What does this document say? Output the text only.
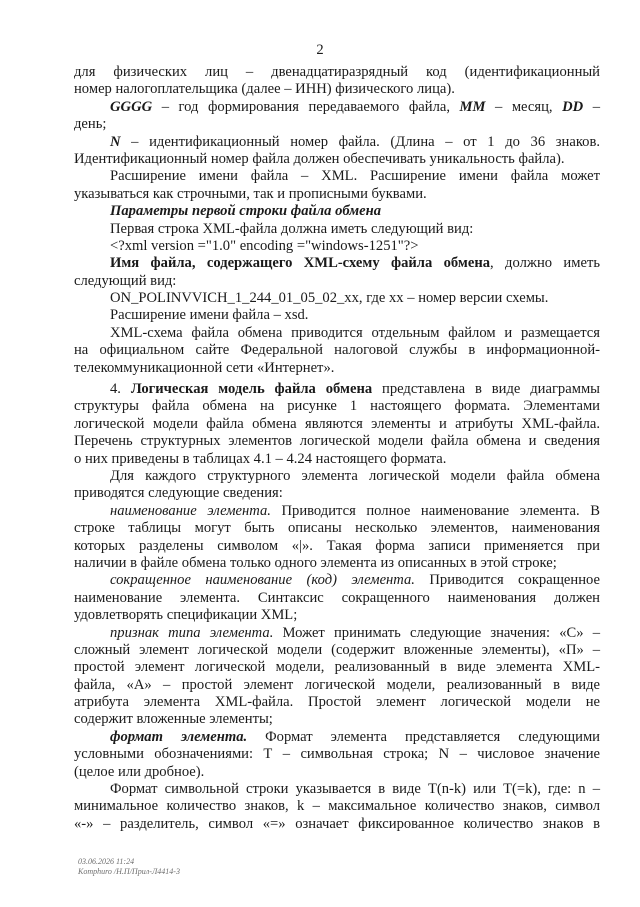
2
для физических лиц – двенадцатиразрядный код (идентификационный
номер налогоплательщика (далее – ИНН) физического лица).
GGGG – год формирования передаваемого файла, MM – месяц, DD –
день;
N – идентификационный номер файла. (Длина – от 1 до 36 знаков.
Идентификационный номер файла должен обеспечивать уникальность файла).
Расширение имени файла – XML. Расширение имени файла может
указываться как строчными, так и прописными буквами.
Параметры первой строки файла обмена
Первая строка XML-файла должна иметь следующий вид:
<?xml version ="1.0" encoding ="windows-1251"?>
Имя файла, содержащего XML-схему файла обмена, должно иметь
следующий вид:
ON_POLINVVICH_1_244_01_05_02_xx, где xx – номер версии схемы.
Расширение имени файла – xsd.
XML-схема файла обмена приводится отдельным файлом и размещается
на официальном сайте Федеральной налоговой службы в информационной-
телекоммуникационной сети «Интернет».
4. Логическая модель файла обмена представлена в виде диаграммы
структуры файла обмена на рисунке 1 настоящего формата. Элементами
логической модели файла обмена являются элементы и атрибуты XML-файла.
Перечень структурных элементов логической модели файла обмена и сведения
о них приведены в таблицах 4.1 – 4.24 настоящего формата.
Для каждого структурного элемента логической модели файла обмена
приводятся следующие сведения:
наименование элемента. Приводится полное наименование элемента. В
строке таблицы могут быть описаны несколько элементов, наименования
которых разделены символом «|». Такая форма записи применяется при
наличии в файле обмена только одного элемента из описанных в этой строке;
сокращенное наименование (код) элемента. Приводится сокращенное
наименование элемента. Синтаксис сокращенного наименования должен
удовлетворять спецификации XML;
признак типа элемента. Может принимать следующие значения: «С» –
сложный элемент логической модели (содержит вложенные элементы), «П» –
простой элемент логической модели, реализованный в виде элемента XML-
файла, «А» – простой элемент логической модели, реализованный в виде
атрибута элемента XML-файла. Простой элемент логической модели не
содержит вложенные элементы;
формат элемента. Формат элемента представляется следующими
условными обозначениями: Т – символьная строка; N – числовое значение
(целое или дробное).
Формат символьной строки указывается в виде T(n-k) или T(=k), где: n –
минимальное количество знаков, k – максимальное количество знаков, символ
«-» – разделитель, символ «=» означает фиксированное количество знаков в
03.06.2026 11:24
Komphuro /Н.П/Прил-Л4414-3
